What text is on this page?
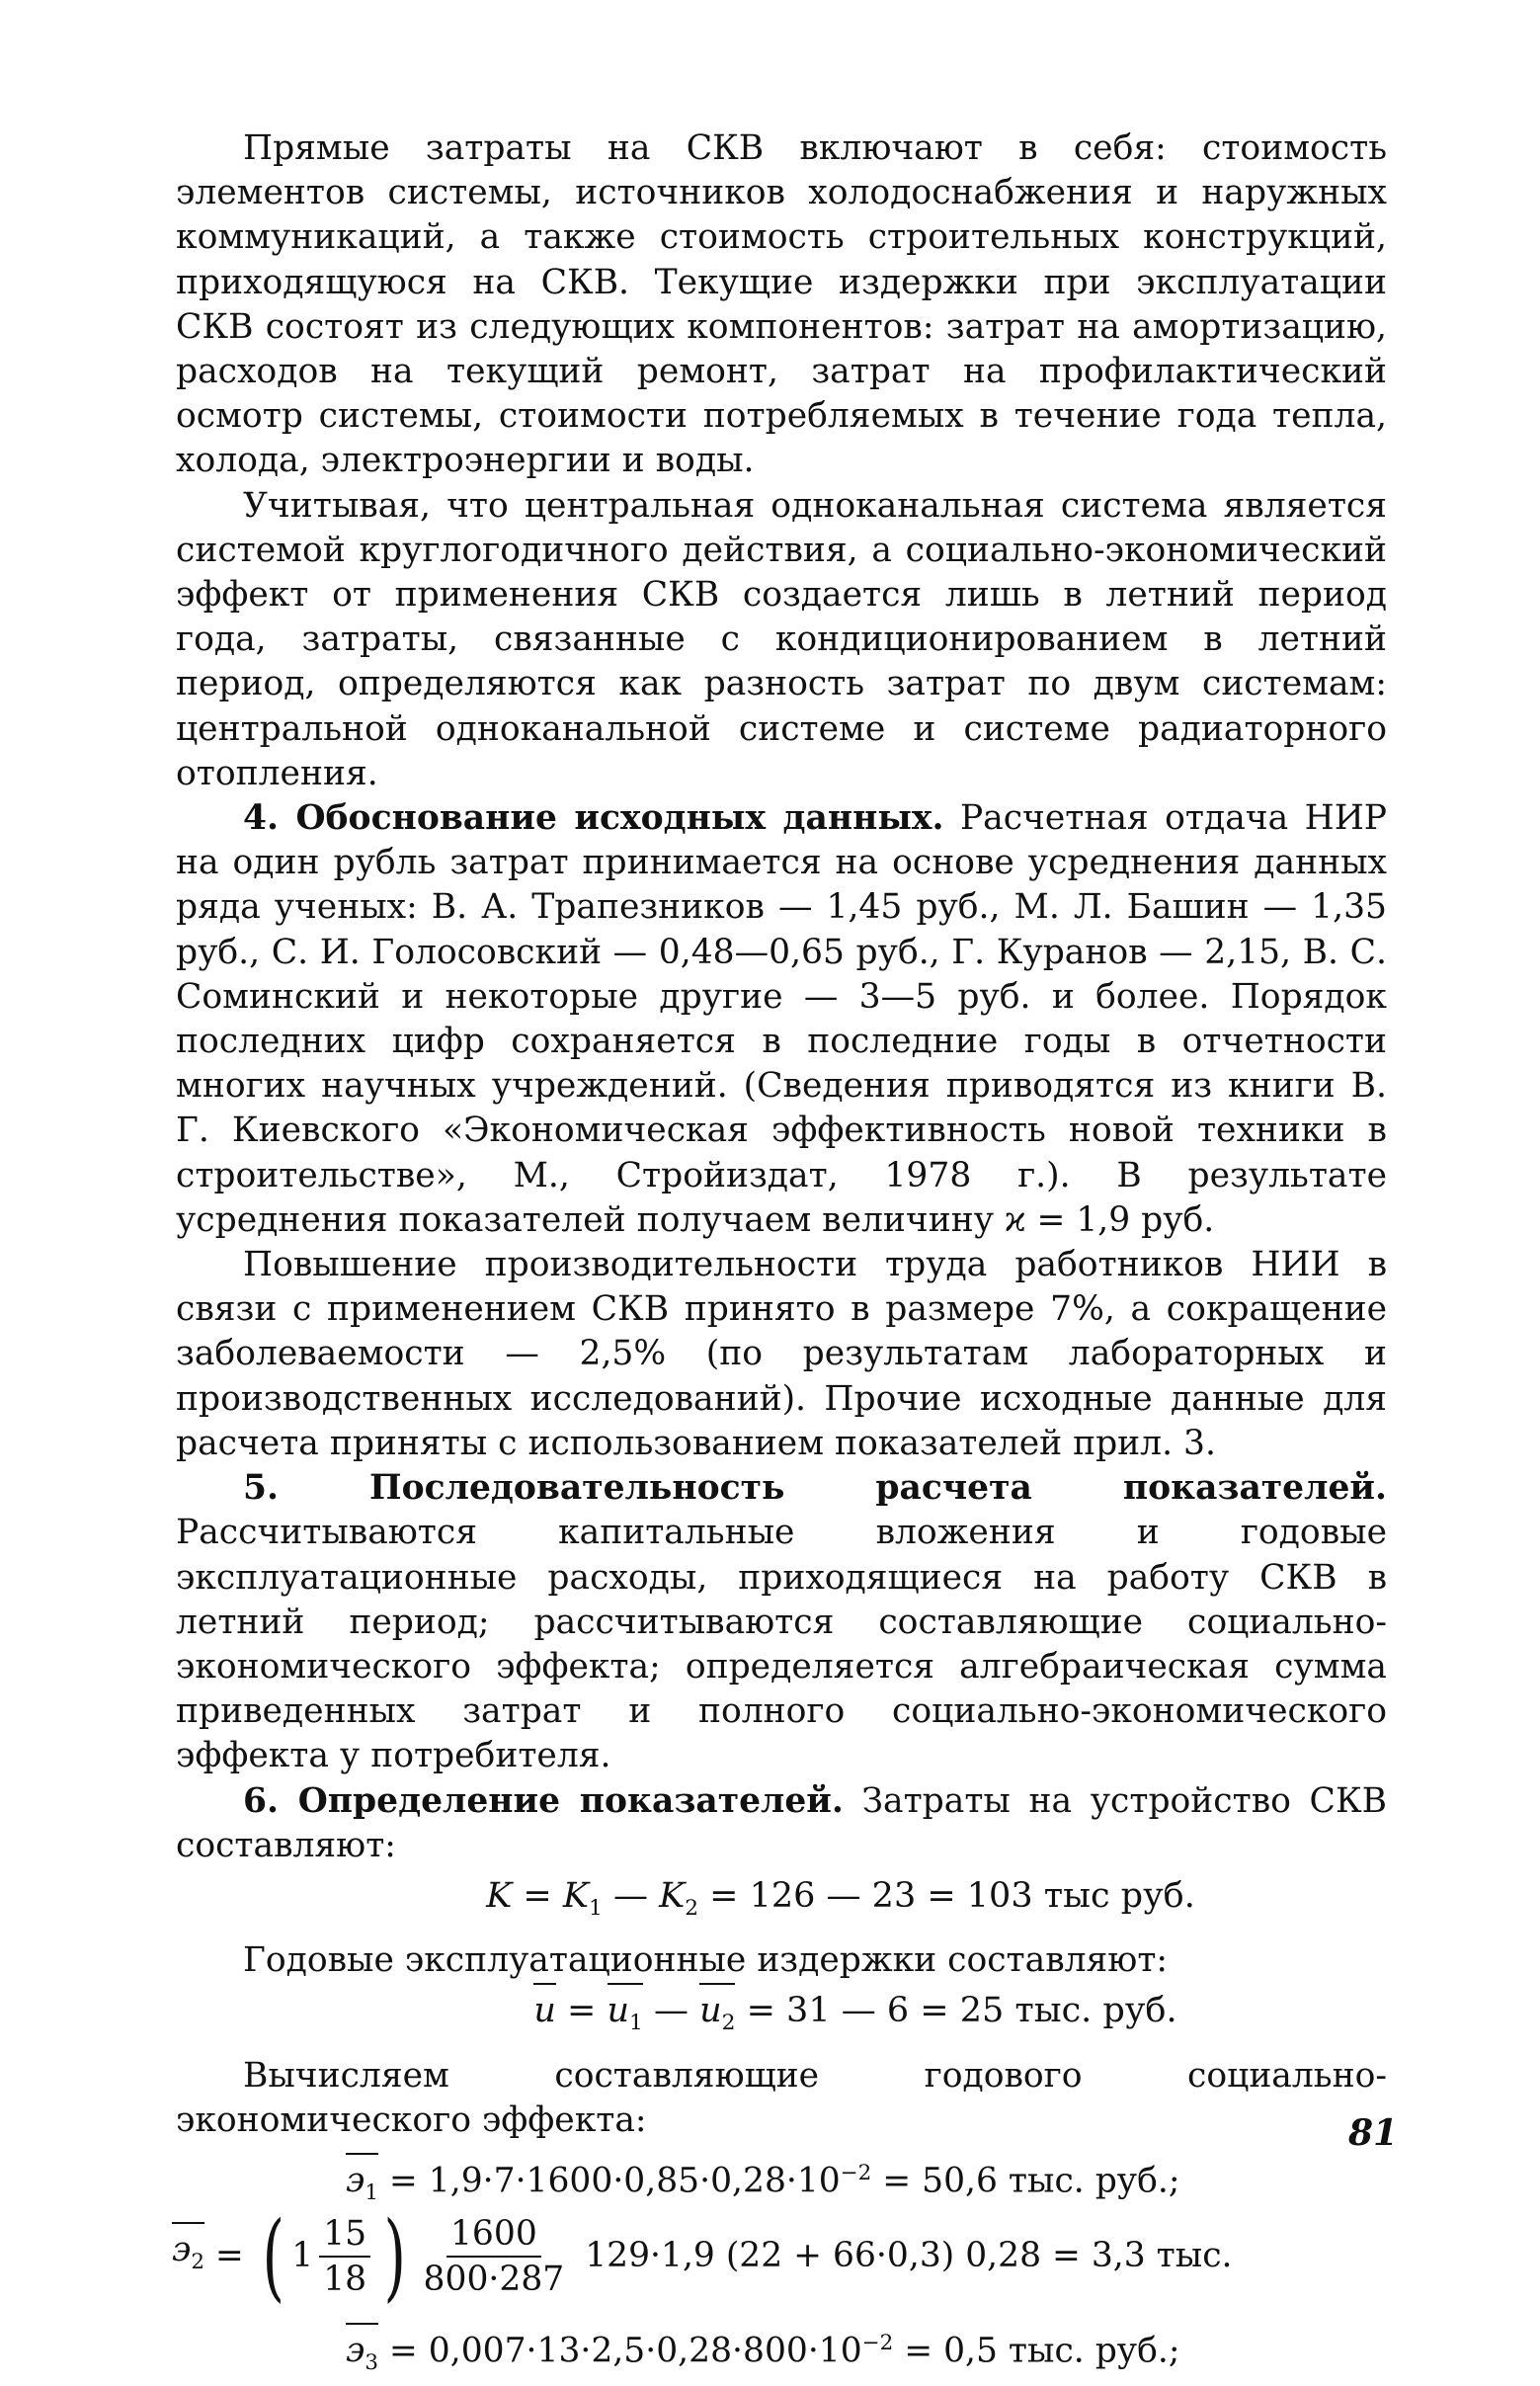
Прямые затраты на СКВ включают в себя: стоимость элементов системы, источников холодоснабжения и наружных коммуникаций, а также стоимость строительных конструкций, приходящуюся на СКВ. Текущие издержки при эксплуатации СКВ состоят из следующих компонентов: затрат на амортизацию, расходов на текущий ремонт, затрат на профилактический осмотр системы, стоимости потребляемых в течение года тепла, холода, электроэнергии и воды.

Учитывая, что центральная одноканальная система является системой круглогодичного действия, а социально-экономический эффект от применения СКВ создается лишь в летний период года, затраты, связанные с кондиционированием в летний период, определяются как разность затрат по двум системам: центральной одноканальной системе и системе радиаторного отопления.

4. Обоснование исходных данных. Расчетная отдача НИР на один рубль затрат принимается на основе усреднения данных ряда ученых: В. А. Трапезников — 1,45 руб., М. Л. Башин — 1,35 руб., С. И. Голосовский — 0,48—0,65 руб., Г. Куранов — 2,15, В. С. Соминский и некоторые другие — 3—5 руб. и более. Порядок последних цифр сохраняется в последние годы в отчетности многих научных учреждений. (Сведения приводятся из книги В. Г. Киевского «Экономическая эффективность новой техники в строительстве», М., Стройиздат, 1978 г.). В результате усреднения показателей получаем величину ϰ = 1,9 руб.

Повышение производительности труда работников НИИ в связи с применением СКВ принято в размере 7%, а сокращение заболеваемости — 2,5% (по результатам лабораторных и производственных исследований). Прочие исходные данные для расчета приняты с использованием показателей прил. 3.

5. Последовательность расчета показателей. Рассчитываются капитальные вложения и годовые эксплуатационные расходы, приходящиеся на работу СКВ в летний период; рассчитываются составляющие социально-экономического эффекта; определяется алгебраическая сумма приведенных затрат и полного социально-экономического эффекта у потребителя.

6. Определение показателей. Затраты на устройство СКВ составляют:

$K = K_1$ — $K_2 = 126$ — 23 = 103 тыс руб.

Годовые эксплуатационные издержки составляют:

u =
$u_1$ —
$u_2 = 31$ — 6 = 25 тыс. руб.

Вычисляем составляющие годового социально-экономического эффекта:

$э_1 = 1,9\cdot 7\cdot 1600\cdot 0,85\cdot 0,28\cdot 10^{-2} = 50,6$ тыс. руб.;
$э_2$ = ( $1 \frac{15}{18}$ ) $\frac{1600}{800\cdot 287}$
129·1,9 (22 + 66·0,3) 0,28 = 3,3 тыс.
$э_3 = 0,007\cdot 13\cdot 2,5\cdot 0,28\cdot 800\cdot 10^{-2} = 0,5$ тыс. руб.;
81
